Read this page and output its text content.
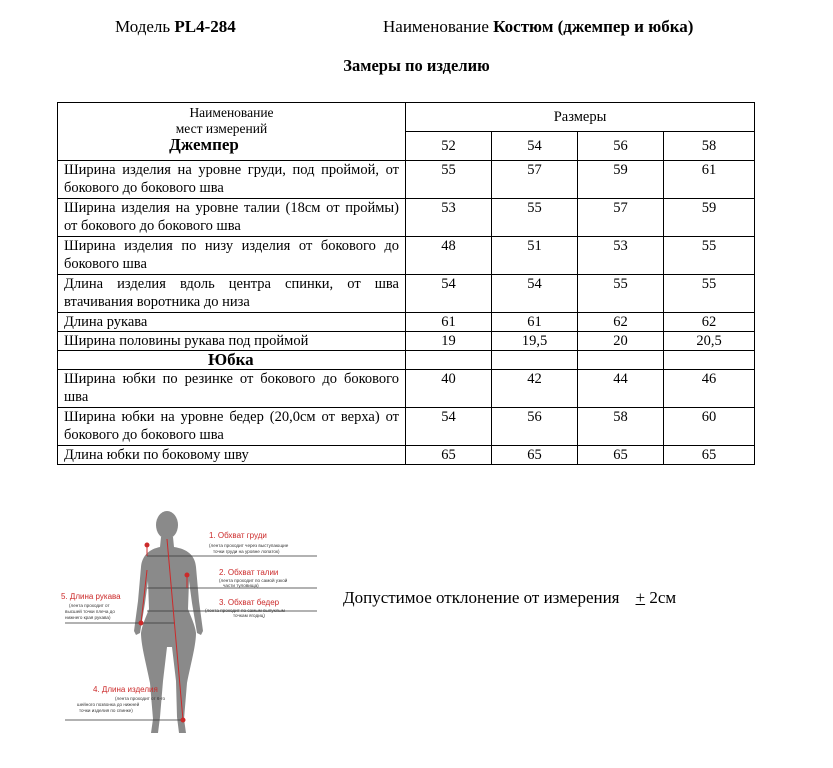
Модель PL4-284	Наименование Костюм (джемпер и юбка)
Замеры по изделию
Наименование
мест измерений
Джемпер	Размеры			
	52	54	56	58
Ширина изделия на уровне груди, под проймой, от бокового до бокового шва	55	57	59	61
Ширина изделия на уровне талии (18см от проймы) от бокового до бокового шва	53	55	57	59
Ширина изделия по низу изделия от бокового до бокового шва	48	51	53	55
Длина изделия вдоль центра спинки, от шва втачивания воротника до низа	54	54	55	55
Длина рукава	61	61	62	62
Ширина половины рукава под проймой	19	19,5	20	20,5
Юбка				
Ширина юбки по резинке от бокового до бокового шва	40	42	44	46
Ширина юбки на уровне бедер (20,0см от верха) от бокового до бокового шва	54	56	58	60
Длина юбки по боковому шву	65	65	65	65
1. Обхват груди
(лента проходит через выступающие
точки груди на уровне лопаток)
2. Обхват талии
(лента проходит по самой узкой
части туловища)
3. Обхват бедер
(лента проходит по самым выпуклым
точкам ягодиц)
5. Длина рукава
(лента проходит от
высшей точки плеча до
нижнего края рукава)
4. Длина изделия
(лента проходит от 6-го
шейного позвонка до нижней
точки изделия по спинке)
Допустимое отклонение от измерения + 2см
